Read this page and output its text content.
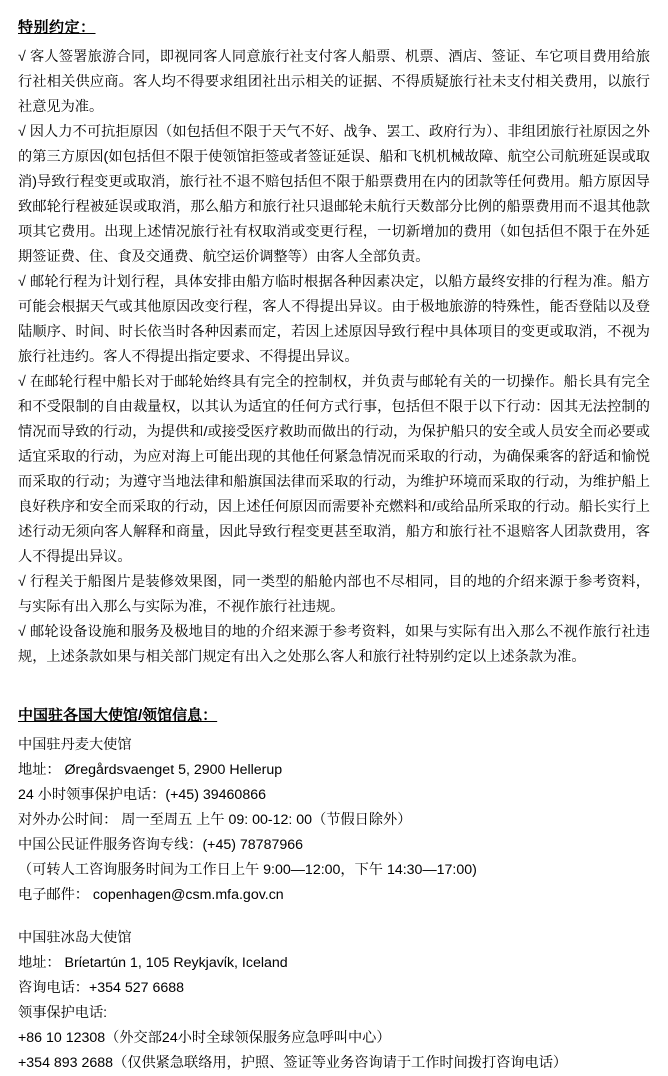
特别约定：

√ 客人签署旅游合同，即视同客人同意旅行社支付客人船票、机票、酒店、签证、车它项目费用给旅行社相关供应商。客人均不得要求组团社出示相关的证据、不得质疑旅行社未支付相关费用，以旅行社意见为准。

√ 因人力不可抗拒原因（如包括但不限于天气不好、战争、罢工、政府行为）、非组团旅行社原因之外的第三方原因(如包括但不限于使领馆拒签或者签证延误、船和飞机机械故障、航空公司航班延误或取消)导致行程变更或取消，旅行社不退不赔包括但不限于船票费用在内的团款等任何费用。船方原因导致邮轮行程被延误或取消，那么船方和旅行社只退邮轮未航行天数部分比例的船票费用而不退其他款项其它费用。出现上述情况旅行社有权取消或变更行程，一切新增加的费用（如包括但不限于在外延期签证费、住、食及交通费、航空运价调整等）由客人全部负责。

√ 邮轮行程为计划行程，具体安排由船方临时根据各种因素决定，以船方最终安排的行程为准。船方可能会根据天气或其他原因改变行程，客人不得提出异议。由于极地旅游的特殊性，能否登陆以及登陆顺序、时间、时长依当时各种因素而定，若因上述原因导致行程中具体项目的变更或取消，不视为旅行社违约。客人不得提出指定要求、不得提出异议。

√ 在邮轮行程中船长对于邮轮始终具有完全的控制权，并负责与邮轮有关的一切操作。船长具有完全和不受限制的自由裁量权，以其认为适宜的任何方式行事，包括但不限于以下行动：因其无法控制的情况而导致的行动，为提供和/或接受医疗救助而做出的行动，为保护船只的安全或人员安全而必要或适宜采取的行动，为应对海上可能出现的其他任何紧急情况而采取的行动，为确保乘客的舒适和愉悦而采取的行动；为遵守当地法律和船旗国法律而采取的行动，为维护环境而采取的行动，为维护船上良好秩序和安全而采取的行动，因上述任何原因而需要补充燃料和/或给品所采取的行动。船长实行上述行动无须向客人解释和商量，因此导致行程变更甚至取消，船方和旅行社不退赔客人团款费用，客人不得提出异议。

√ 行程关于船图片是装修效果图，同一类型的船舱内部也不尽相同，目的地的介绍来源于参考资料，与实际有出入那么与实际为准，不视作旅行社违规。

√ 邮轮设备设施和服务及极地目的地的介绍来源于参考资料，如果与实际有出入那么不视作旅行社违规，上述条款如果与相关部门规定有出入之处那么客人和旅行社特别约定以上述条款为准。

中国驻各国大使馆/领馆信息：

中国驻丹麦大使馆

地址： Øregårdsvaenget 5, 2900 Hellerup

24 小时领事保护电话：(+45) 39460866

对外办公时间： 周一至周五 上午 09: 00-12: 00（节假日除外）

中国公民证件服务咨询专线：(+45) 78787966

（可转人工咨询服务时间为工作日上午 9:00—12:00，下午 14:30—17:00)

电子邮件： copenhagen@csm.mfa.gov.cn

中国驻冰岛大使馆

地址： Brίetartún 1, 105 Reykjavίk, Iceland

咨询电话：+354 527 6688

领事保护电话:

+86 10 12308（外交部24小时全球领保服务应急呼叫中心）

+354 893 2688（仅供紧急联络用，护照、签证等业务咨询请于工作时间拨打咨询电话）
